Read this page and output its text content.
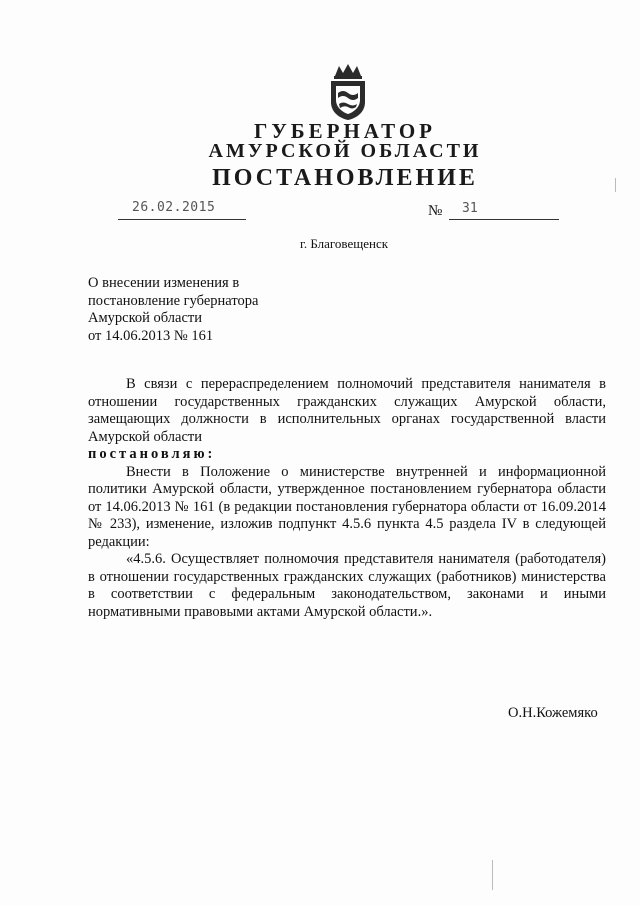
ГУБЕРНАТОР
АМУРСКОЙ ОБЛАСТИ
ПОСТАНОВЛЕНИЕ
26.02.2015	№ 31
г. Благовещенск
О внесении изменения в
постановление губернатора
Амурской области
от 14.06.2013 № 161

В связи с перераспределением полномочий представителя нанимателя в отношении государственных гражданских служащих Амурской области, замещающих должности в исполнительных органах государственной власти Амурской области

постановляю:

Внести в Положение о министерстве внутренней и информационной политики Амурской области, утвержденное постановлением губернатора области от 14.06.2013 № 161 (в редакции постановления губернатора области от 16.09.2014 № 233), изменение, изложив подпункт 4.5.6 пункта 4.5 раздела IV в следующей редакции:

«4.5.6. Осуществляет полномочия представителя нанимателя (работодателя) в отношении государственных гражданских служащих (работников) министерства в соответствии с федеральным законодательством, законами и иными нормативными правовыми актами Амурской области.».

О.Н.Кожемяко
